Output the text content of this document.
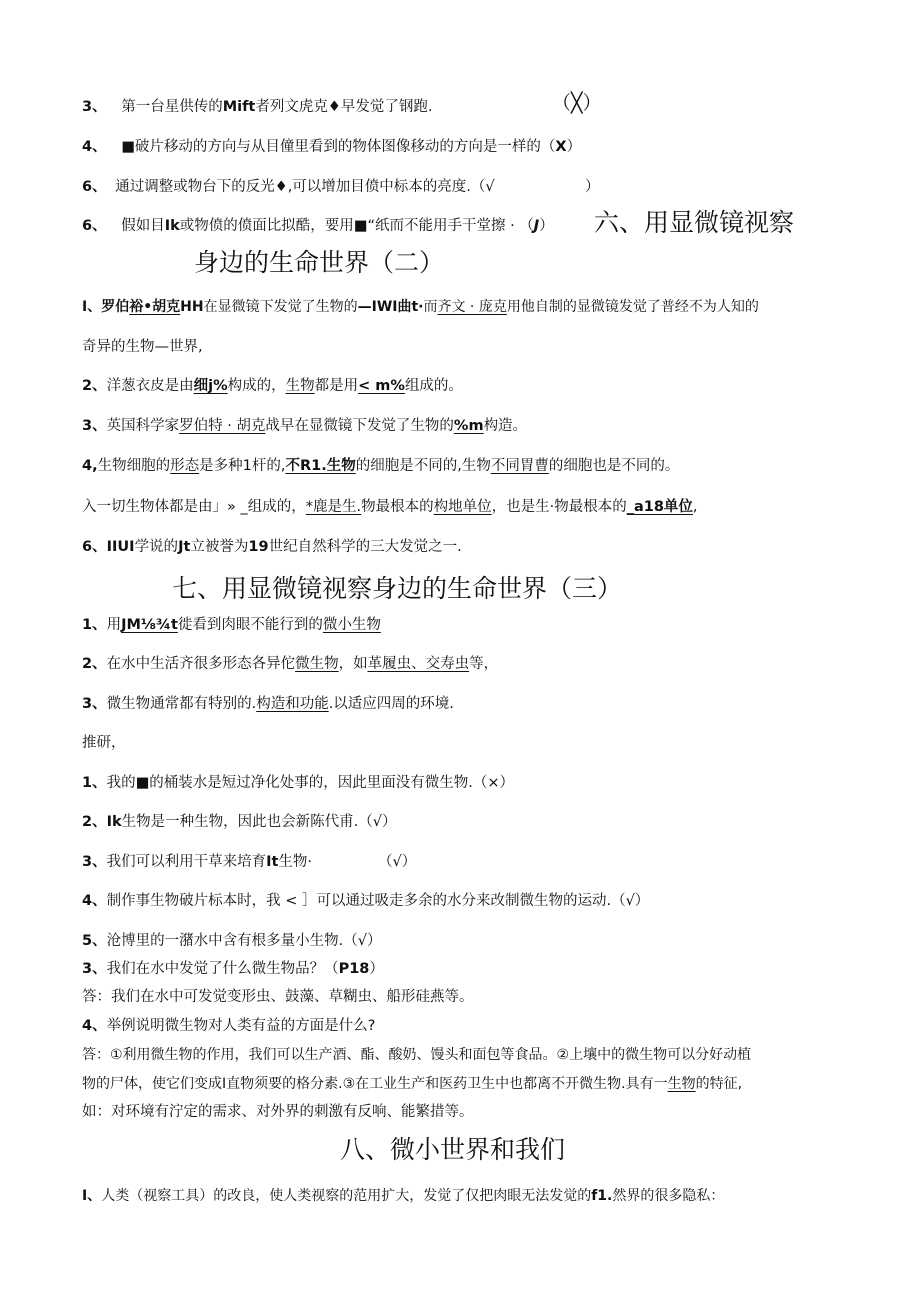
3、 第一台星供传的Mift者列文虎克♦早发觉了钢跑.	（╳）
4、 ■破片移动的方向与从目僮里看到的物体图像移动的方向是一样的（X）
6、 通过调整或物台下的反光♦,可以增加目偾中标本的亮度.（√	）
6、 假如目Ik或物偾的偾面比拟酷，要用■“纸而不能用手干堂擦 · （J） 六、用显微镜视察
身边的生命世界（二）
I、罗伯裕•胡克HH在显微镜下发觉了生物的—IWI曲t·而齐文 · 庞克用他自制的显微镜发觉了普经不为人知的
奇异的生物—世界,
2、洋葱衣皮是由细j%构成的，生物都是用< m%组成的。
3、英国科学家罗伯特 · 胡克战早在显微镜下发觉了生物的%m构造。
4,生物细胞的形态是多种1杆的,不R1.生物的细胞是不同的,生物不同胃曹的细胞也是不同的。
入一切生物体都是由」» _组成的，*鹿是生.物最根本的构地单位，也是生·物最根本的_a18单位,
6、IIUI学说的Jt立被誉为19世纪自然科学的三大发觉之一.
七、用显微镜视察身边的生命世界（三）
1、用JM⅛¾t徙看到肉眼不能行到的微小生物
2、在水中生活齐很多形态各异佗微生物，如革履虫、交寿虫等，
3、微生物通常都有特别的.构造和功能.以适应四周的环境.
推研，
1、我的■的桶装水是短过净化处事的，因此里面没有微生物.（×）
2、Ik生物是一种生物，因此也会新陈代甫.（√）
3、我们可以利用干草来培育It生物·	（√）
4、制作事生物破片标本时，我 < ］可以通过吸走多余的水分来改制微生物的运动.（√）
5、沧博里的一潴水中含有根多量小生物.（√）
3、我们在水中发觉了什么微生物品？（P18）
答：我们在水中可发觉变形虫、鼓藻、草糊虫、船形硅燕等。
4、举例说明微生物对人类有益的方面是什么?
答：①利用微生物的作用，我们可以生产酒、酯、酸奶、馒头和面包等食品。②上壤中的微生物可以分好动植
物的尸体，使它们变成I直物须要的格分素.③在工业生产和医药卫生中也都离不开微生物.具有一生物的特征,
如：对环境有泞定的需求、对外界的刺激有反响、能繁措等。
八、微小世界和我们
I、人类（视察工具）的改良，使人类视察的范用扩大，发觉了仅把肉眼无法发觉的f1.然界的很多隐私：
